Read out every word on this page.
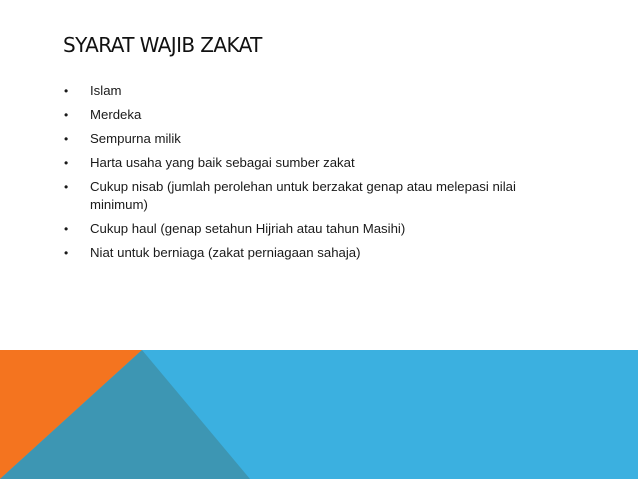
SYARAT WAJIB ZAKAT
• Islam
• Merdeka
• Sempurna milik
• Harta usaha yang baik sebagai sumber zakat
• Cukup nisab (jumlah perolehan untuk berzakat genap atau melepasi nilai minimum)
• Cukup haul (genap setahun Hijriah atau tahun Masihi)
• Niat untuk berniaga (zakat perniagaan sahaja)
